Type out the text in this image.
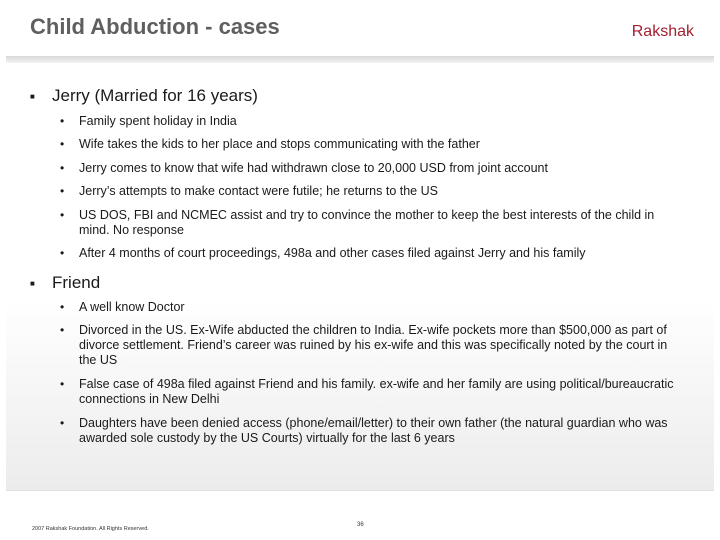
Child Abduction - cases	Rakshak
■ Jerry (Married for 16 years)
• Family spent holiday in India
• Wife takes the kids to her place and stops communicating with the father
• Jerry comes to know that wife had withdrawn close to 20,000 USD from joint account
• Jerry’s attempts to make contact were futile; he returns to the US
• US DOS, FBI and NCMEC assist and try to convince the mother to keep the best interests of the child in mind. No response
• After 4 months of court proceedings, 498a and other cases filed against Jerry and his family
■ Friend
• A well know Doctor
• Divorced in the US. Ex-Wife abducted the children to India. Ex-wife pockets more than $500,000 as part of divorce settlement. Friend’s career was ruined by his ex-wife and this was specifically noted by the court in the US
• False case of 498a filed against Friend and his family. ex-wife and her family are using political/bureaucratic connections in New Delhi
• Daughters have been denied access (phone/email/letter) to their own father (the natural guardian who was awarded sole custody by the US Courts) virtually for the last 6 years
2007 Rakshak Foundation. All Rights Reserved.
36
